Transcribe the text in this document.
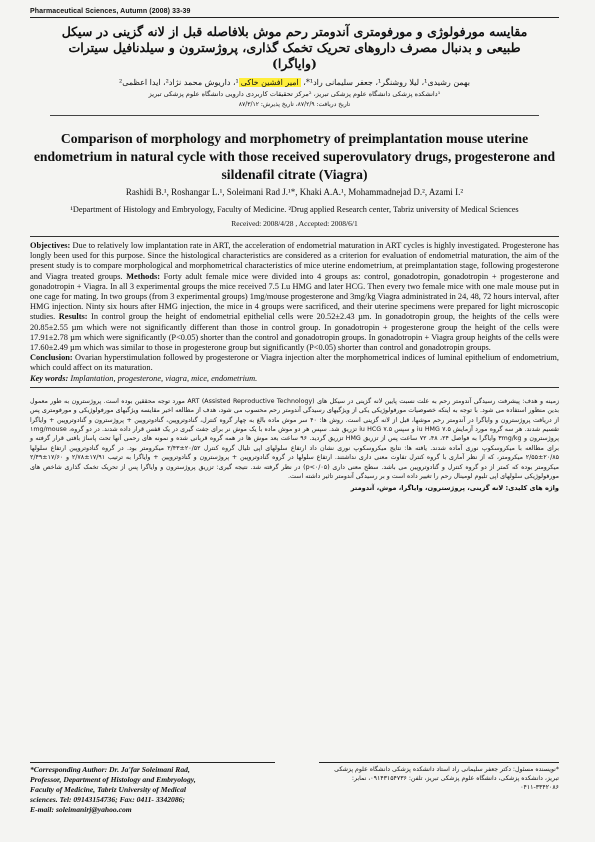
Pharmaceutical Sciences, Autumn (2008) 33-39
مقایسه مورفولوژی و مورفومتری آندومتر رحم موش بلافاصله قبل از لانه گزینی در سیکل طبیعی و بدنبال مصرف داروهای تحریک تخمک گذاری، پروژسترون و سیلدنافیل سیترات (وایاگرا)
بهمن رشیدی¹، لیلا روشنگر¹، جعفر سلیمانی راد¹*، امیر افشین خاکی¹، داریوش محمد نژاد²، ایدا اعظمی²
¹دانشکده پزشکی دانشگاه علوم پزشکی تبریز، ²مرکز تحقیقات کاربردی دارویی دانشگاه علوم پزشکی تبریز
تاریخ دریافت: ۸۷/۲/۹، تاریخ پذیرش: ۸۷/۳/۱۲
Comparison of morphology and morphometry of preimplantation mouse uterine endometrium in natural cycle with those received superovulatory drugs, progesterone and sildenafil citrate (Viagra)
Rashidi B.¹, Roshangar L.¹, Soleimani Rad J.¹*, Khaki A.A.¹, Mohammadnejad D.², Azami I.²
¹Department of Histology and Embryology, Faculty of Medicine. ²Drug applied Research center, Tabriz university of Medical Sciences
Received: 2008/4/28 , Accepted: 2008/6/1
Objectives: Due to relatively low implantation rate in ART, the acceleration of endometrial maturation in ART cycles is highly investigated. Progesterone has longly been used for this purpose. Since the histological characteristics are considered as a criterion for evaluation of endometrial maturation, the aim of the present study is to compare morphological and morphometrical characteristics of mice uterine endometrium, at preimplantation stage, following progesterone and Viagra treated groups. Methods: Forty adult female mice were divided into 4 groups as: control, gonadotropin, gonadotropin + progesterone and gonadotropin + Viagra. In all 3 experimental groups the mice received 7.5 I.u HMG and later HCG. Then every two female mice with one male mouse put in one cage for mating. In two groups (from 3 experimental groups) 1mg/mouse progesterone and 3mg/kg Viagra administrated in 24, 48, 72 hours interval, after HMG injection. Ninty six hours after HMG injection, the mice in 4 groups were sacrificed, and their uterine specimens were prepared for light microscopic studies. Results: In control group the height of endometrial epithelial cells were 20.52±2.43 µm. In gonadotropin group, the heights of the cells were 20.85±2.55 µm which were not significantly different than those in control group. In gonadotropin + progesterone group the height of the cells were 17.91±2.78 µm which were significantly (P<0.05) shorter than the control and gonadotropin groups. In gonadotropin + Viagra group heights of the cells were 17.60±2.49 µm which was similar to those in progesterone group but significantly (P<0.05) shorter than control and gonadotropin groups.
Conclusion: Ovarian hyperstimulation followed by progesterone or Viagra injection alter the morphometrical indices of luminal epithelium of endometrium, which could affect on its maturation.
Key words: Implantation, progesterone, viagra, mice, endometrium.
زمینه و هدف: پیشرفت رسیدگی آندومتر رحم به علت نسبت پایین لانه گزینی در سیکل های ART (Assisted Reproductive Technology) مورد توجه محققین بوده است. پروژسترون به طور معمول بدین منظور استفاده می شود. با توجه به اینکه خصوصیات مورفولوژیکی یکی از ویژگیهای رسیدگی آندومتر رحم محسوب می شود، هدف از مطالعه اخیر مقایسه ویژگیهای مورفولوژیکی و مورفومتری پس از دریافت پروژسترون و وایاگرا در آندومتر رحم موشها، قبل از لانه گزینی است. روش ها: ۴۰ سر موش ماده بالغ به چهار گروه کنترل، گنادوتروپین، گنادوتروپین + پروژسترون و گنادوتروپین + وایاگرا تقسیم شدند. هر سه گروه مورد آزمایش ۷.۵ iu HMG و سپس ۷.۵ iu HCG تزریق شد. سپس هر دو موش ماده با یک موش نر برای جفت گیری در یک قفس قرار داده شدند. در دو گروه، ۱mg/mouse پروژسترون و ۳mg/kg وایاگرا به فواصل ۲۴، ۴۸، ۷۲ ساعت پس از تزریق HMG تزریق گردید. ۹۶ ساعت بعد موش ها در همه گروه قربانی شده و نمونه های رحمی آنها تحت پاساژ بافتی قرار گرفته و برای مطالعه با میکروسکوپ نوری آماده شدند. یافته ها: نتایج میکروسکوپ نوری نشان داد ارتفاع سلولهای اپی تلیال گروه کنترل ۲۰/۵۲±۲/۴۳ میکرومتر بود. در گروه گنادوتروپین ارتفاع سلولها ۲۰/۸۵±۲/۵۵ میکرومتر، که از نظر آماری با گروه کنترل تفاوت معنی داری نداشتند. ارتفاع سلولها در گروه گنادوتروپین + پروژسترون و گنادوتروپین + وایاگرا به ترتیب ۱۷/۹۱±۲/۷۸ و ۱۷/۶۰±۲/۴۹ میکرومتر بوده که کمتر از دو گروه کنترل و گنادوتروپین می باشد. سطح معنی داری (p<۰/۰۵) در نظر گرفته شد. نتیجه گیری: تزریق پروژسترون و وایاگرا پس از تحریک تخمک گذاری شاخص های مورفولوژیکی سلولهای اپی تلیوم لومینال رحم را تغییر داده است و بر رسیدگی آندومتر تاثیر داشته است.
واژه های کلیدی: لانه گزینی، پروژسترون، وایاگرا، موش، آندومتر
*Corresponding Author: Dr. Ja'far Soleimani Rad,
Professor, Department of Histology and Embryology,
Faculty of Medicine, Tabriz University of Medical
sciences. Tel: 09143154736; Fax: 0411- 3342086;
E-mail: soleimanirj@yahoo.com
*نویسنده مسئول: دکتر جعفر سلیمانی راد استاد دانشکده پزشکی دانشگاه علوم پزشکی تبریز، دانشکده پزشکی، دانشگاه علوم پزشکی تبریز، تلفن: ۰۹۱۴۳۱۵۴۷۳۶، نمابر: ۳۳۴۲۰۸۶-۰۴۱۱
